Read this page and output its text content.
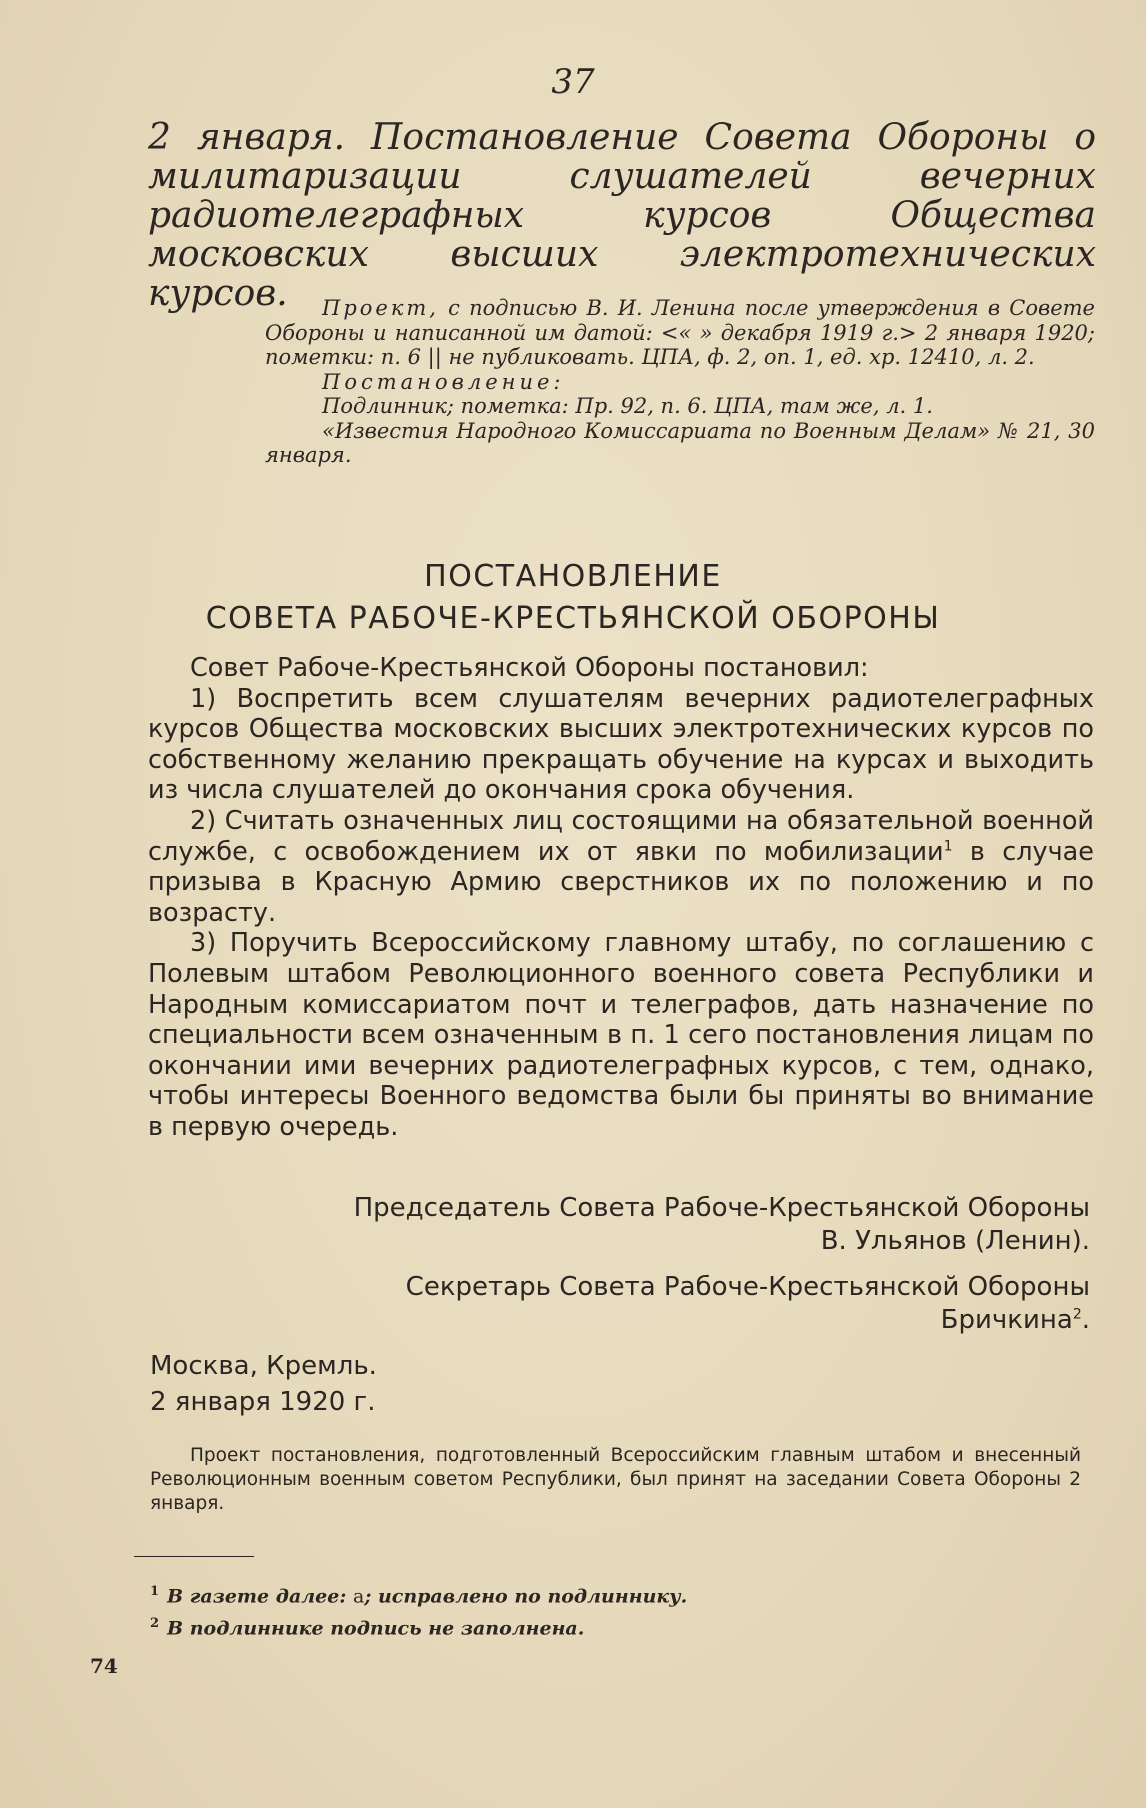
37
2 января. Постановление Совета Обороны о милитаризации слушателей вечерних радиотелеграфных курсов Общества московских высших электротехнических курсов.	Проект, с подписью В. И. Ленина после утверждения в Совете Обороны и написанной им датой: <« » декабря 1919 г.> 2 января 1920; пометки: п. 6 || не публиковать. ЦПА, ф. 2, оп. 1, ед. хр. 12410, л. 2.

Постановление:

Подлинник; пометка: Пр. 92, п. 6. ЦПА, там же, л. 1.

«Известия Народного Комиссариата по Военным Делам» № 21, 30 января.

ПОСТАНОВЛЕНИЕ
СОВЕТА РАБОЧЕ-КРЕСТЬЯНСКОЙ ОБОРОНЫ

Совет Рабоче-Крестьянской Обороны постановил:

1) Воспретить всем слушателям вечерних радиотелеграфных курсов Общества московских высших электротехнических курсов по собственному желанию прекращать обучение на курсах и выходить из числа слушателей до окончания срока обучения.

2) Считать означенных лиц состоящими на обязательной военной службе, с освобождением их от явки по мобилизации$^1$ в случае призыва в Красную Армию сверстников их по положению и по возрасту.

3) Поручить Всероссийскому главному штабу, по соглашению с Полевым штабом Революционного военного совета Республики и Народным комиссариатом почт и телеграфов, дать назначение по специальности всем означенным в п. 1 сего постановления лицам по окончании ими вечерних радиотелеграфных курсов, с тем, однако, чтобы интересы Военного ведомства были бы приняты во внимание в первую очередь.

Председатель Совета Рабоче-Крестьянской Обороны

В. Ульянов (Ленин).

Секретарь Совета Рабоче-Крестьянской Обороны

Бричкина$^2$.

Москва, Кремль.

2 января 1920 г.

Проект постановления, подготовленный Всероссийским главным штабом и внесенный Революционным военным советом Республики, был принят на заседании Совета Обороны 2 января.

$^1$ В газете далее: а; исправлено по подлиннику.

$^2$ В подлиннике подпись не заполнена.

74
